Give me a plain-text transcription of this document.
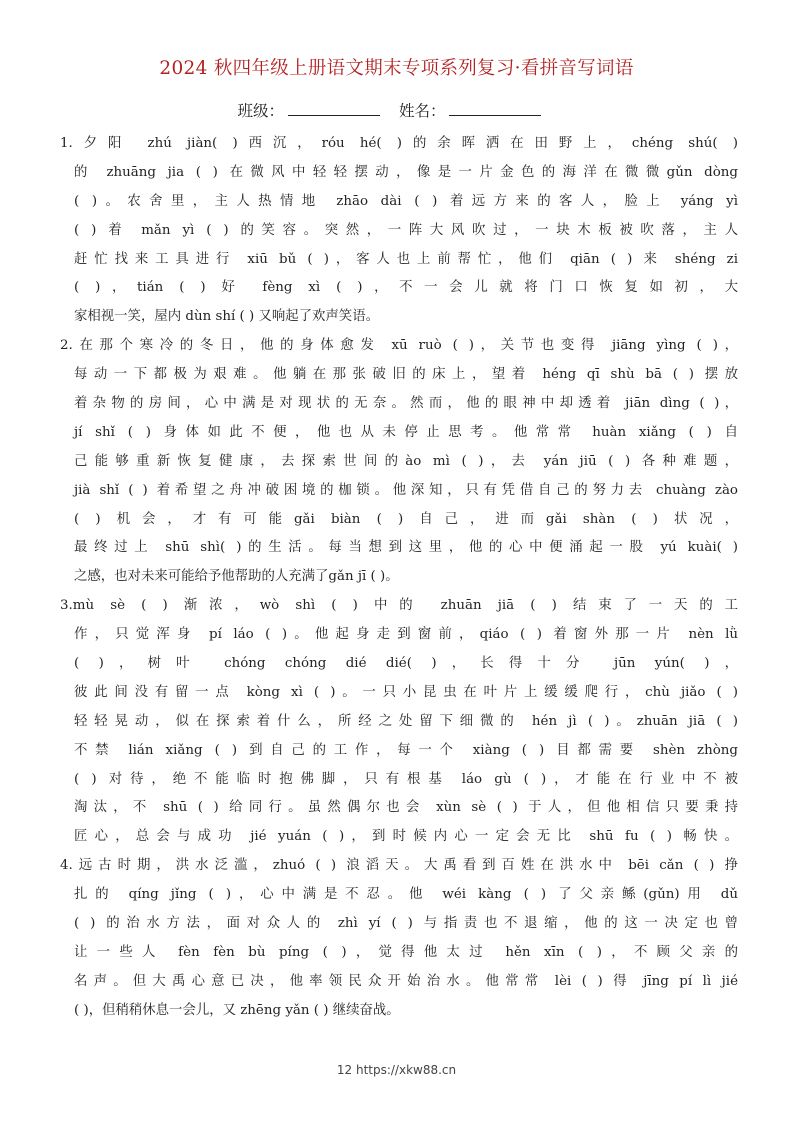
2024 秋四年级上册语文期末专项系列复习·看拼音写词语
班级：	姓名：
1.夕阳 zhú jiàn( )西沉，róu hé( )的余晖洒在田野上，chéng shú( )
的 zhuāng jia ( ) 在微风中轻轻摆动，像是一片金色的海洋在微微gǔn dòng
( )。农舍里，主人热情地 zhāo dài ( ) 着远方来的客人，脸上 yáng yì
( ) 着 mǎn yì ( ) 的笑容。突然，一阵大风吹过，一块木板被吹落，主人
赶忙找来工具进行 xiū bǔ ( )，客人也上前帮忙，他们 qiān ( ) 来 shéng zi
( )，tián ( ) 好 fèng xì ( )，不一会儿就将门口恢复如初，大
家相视一笑，屋内 dùn shí ( ) 又响起了欢声笑语。
2.在那个寒冷的冬日，他的身体愈发 xū ruò ( )，关节也变得 jiāng yìng ( )，
每动一下都极为艰难。他躺在那张破旧的床上，望着 héng qī shù bā ( ) 摆放
着杂物的房间，心中满是对现状的无奈。然而，他的眼神中却透着 jiān dìng ( )，
jí shǐ ( ) 身体如此不便，他也从未停止思考。他常常 huàn xiǎng ( ) 自
己能够重新恢复健康，去探索世间的ào mì ( )，去 yán jiū ( ) 各种难题，
jià shǐ ( ) 着希望之舟冲破困境的枷锁。他深知，只有凭借自己的努力去 chuàng zào
( ) 机会，才有可能gǎi biàn ( ) 自己，进而gǎi shàn ( ) 状况，
最终过上 shū shì( )的生活。每当想到这里，他的心中便涌起一股 yú kuài( )
之感，也对未来可能给予他帮助的人充满了gǎn jī ( )。
3.mù sè ( ) 渐浓，wò shì ( ) 中的 zhuān jiā ( ) 结束了一天的工
作，只觉浑身 pí láo ( )。他起身走到窗前，qiáo ( ) 着窗外那一片 nèn lǜ
( )，树叶 chóng chóng dié dié( )，长得十分 jūn yún( )，
彼此间没有留一点 kòng xì ( )。一只小昆虫在叶片上缓缓爬行，chù jiǎo ( )
轻轻晃动，似在探索着什么，所经之处留下细微的 hén jì ( )。zhuān jiā ( )
不禁 lián xiǎng ( ) 到自己的工作，每一个 xiàng ( ) 目都需要 shèn zhòng
( ) 对待，绝不能临时抱佛脚，只有根基 láo gù ( )，才能在行业中不被
淘汰，不 shū ( ) 给同行。虽然偶尔也会 xùn sè ( ) 于人，但他相信只要秉持
匠心，总会与成功 jié yuán ( )，到时候内心一定会无比 shū fu ( ) 畅快。
4.远古时期，洪水泛滥，zhuó ( ) 浪滔天。大禹看到百姓在洪水中 bēi cǎn ( ) 挣
扎的 qíng jǐng ( )，心中满是不忍。他 wéi kàng ( ) 了父亲鲧(gǔn)用 dǔ
( ) 的治水方法，面对众人的 zhì yí ( ) 与指责也不退缩，他的这一决定也曾
让一些人 fèn fèn bù píng ( )，觉得他太过 hěn xīn ( )，不顾父亲的
名声。但大禹心意已决，他率领民众开始治水。他常常 lèi ( ) 得 jīng pí lì jié
( )，但稍稍休息一会儿，又 zhēng yǎn ( ) 继续奋战。
12 https://xkw88.cn
